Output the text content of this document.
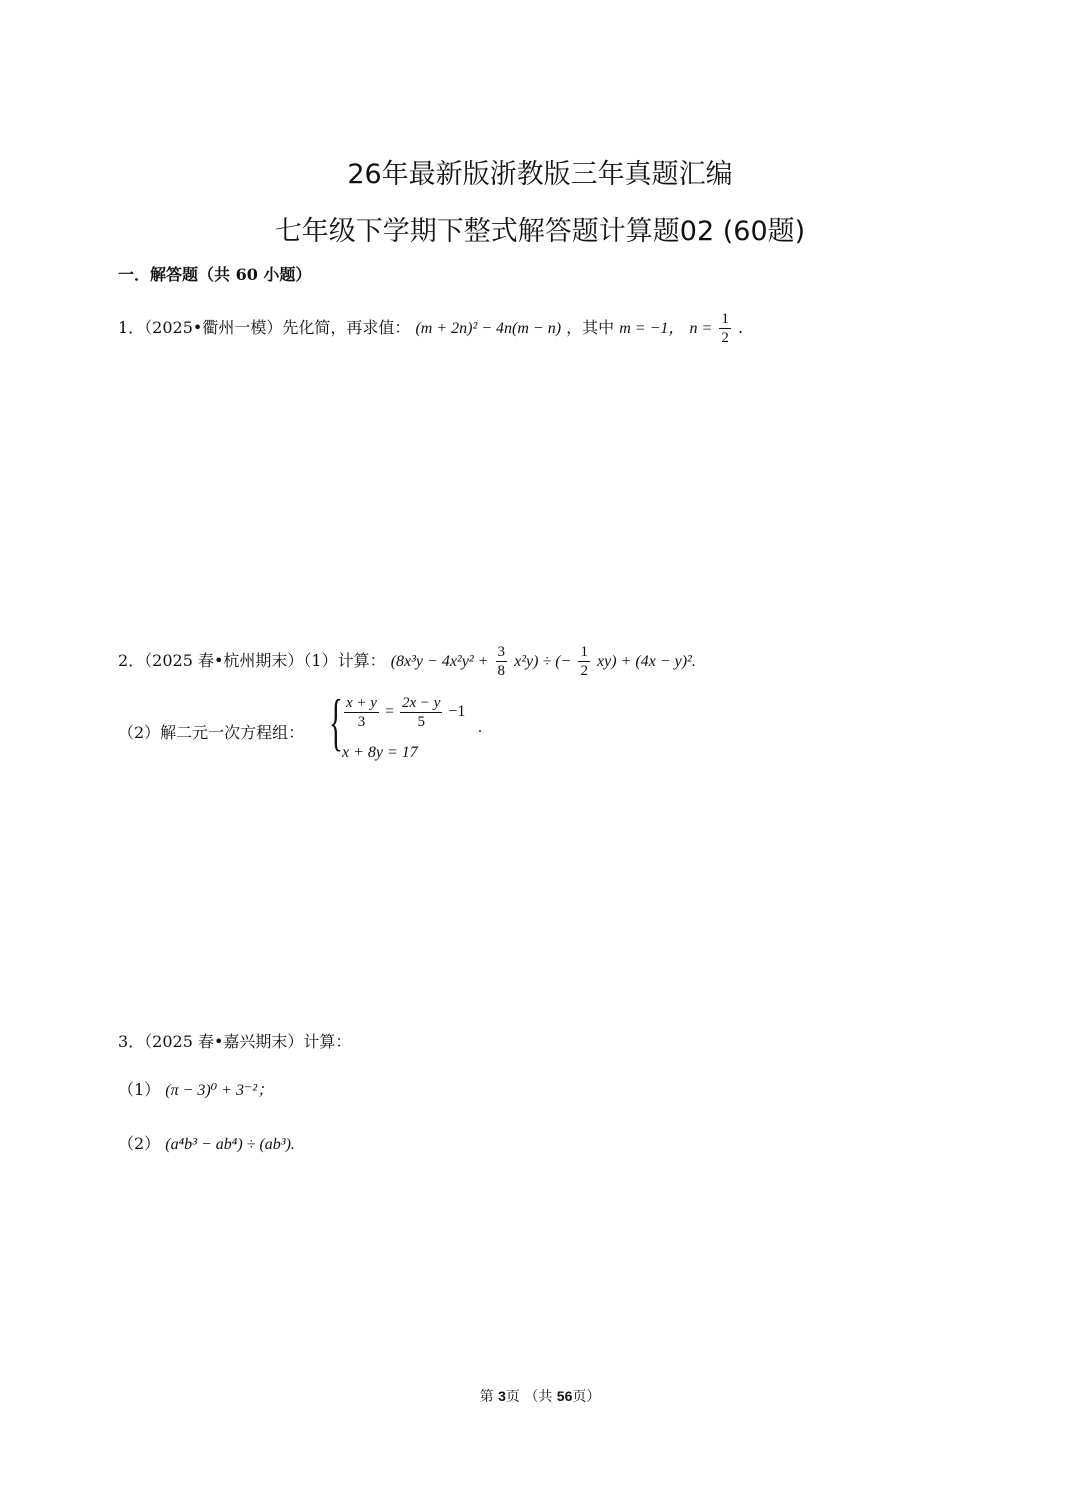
26年最新版浙教版三年真题汇编
七年级下学期下整式解答题计算题02 (60题)
一．解答题（共 60 小题）
1．（2025•衢州一模）先化简，再求值： (m + 2n)² − 4n(m − n) ，其中 m = −1， $n = \frac{1}{2}$ .
2．（2025 春•杭州期末）（1）计算： $(8x^3y - 4x^2y^2 + \frac{3}{8} x^2y)$ ÷ (− $\frac{1}{2} xy) + (4x - y)^2$.
（2）解二元一次方程组： { $\frac{x + y}{3} = \frac{2x - y}{5} -1$
.
x + 8y = 17
3．（2025 春•嘉兴期末）计算：
（1） (π − 3)⁰ + 3⁻²；
（2） (a⁴b³ − ab⁴) ÷ (ab³).
第 3页 （共 56页）
